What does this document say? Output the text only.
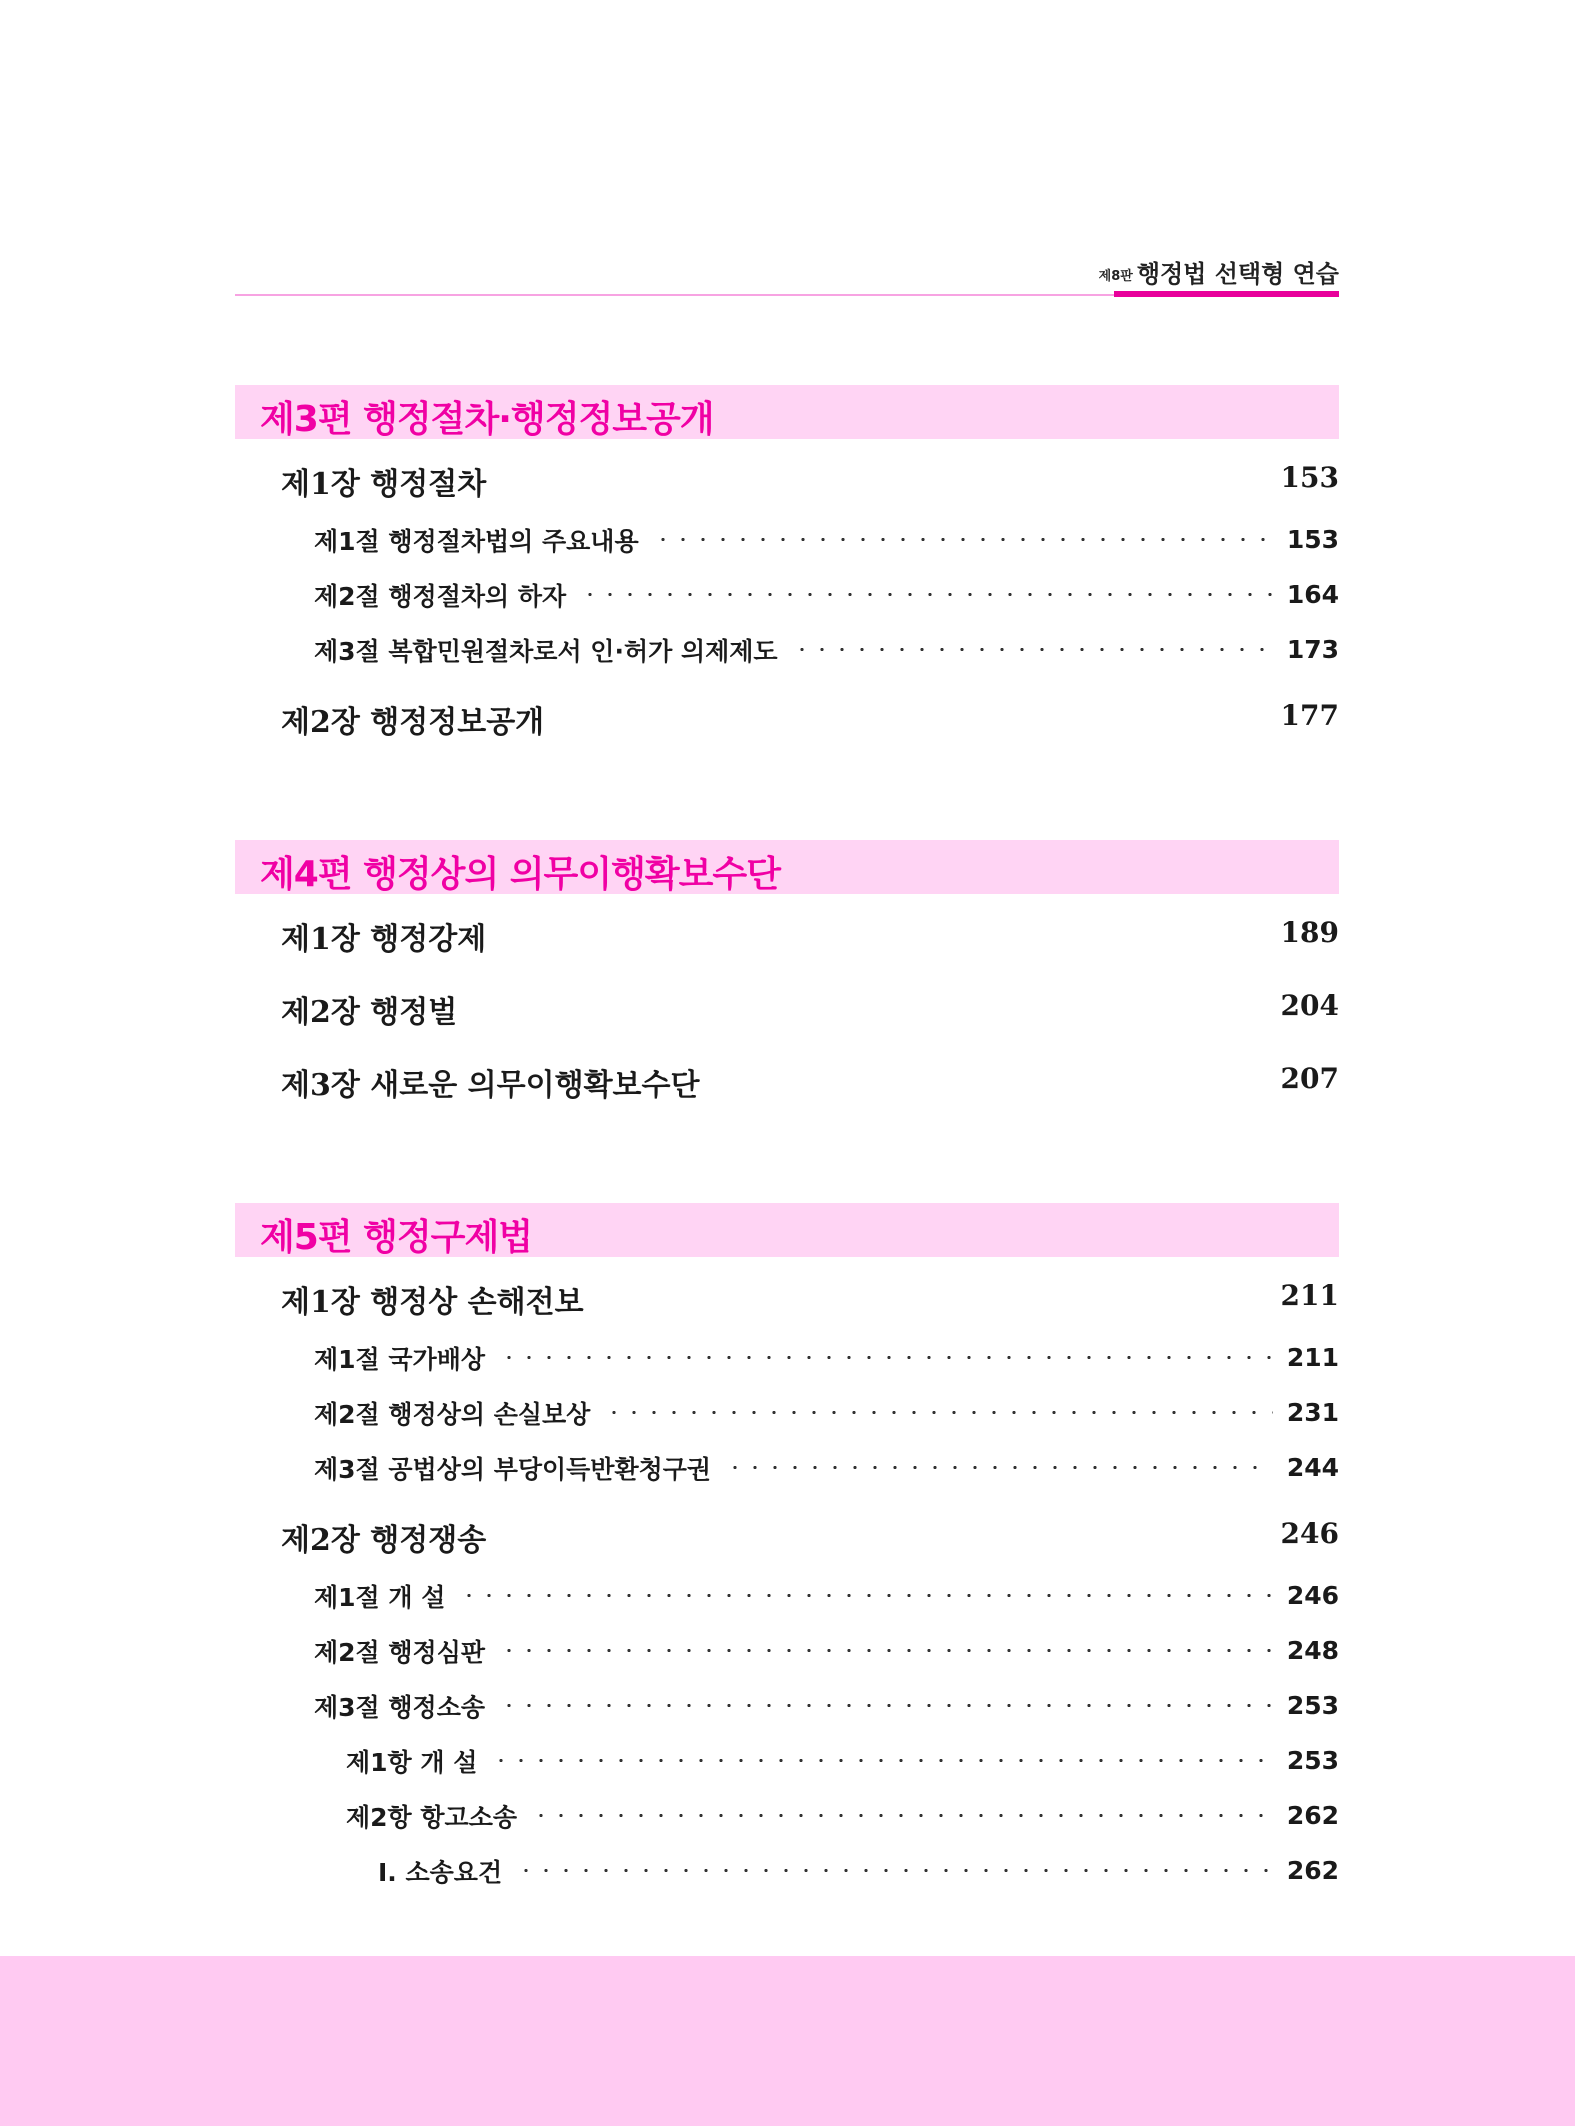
제8판 행정법 선택형 연습
제3편 행정절차·행정정보공개
제1장 행정절차	153
제1절 행정절차법의 주요내용	153
제2절 행정절차의 하자	164
제3절 복합민원절차로서 인·허가 의제제도	173
제2장 행정정보공개	177
제4편 행정상의 의무이행확보수단
제1장 행정강제	189
제2장 행정벌	204
제3장 새로운 의무이행확보수단	207
제5편 행정구제법
제1장 행정상 손해전보	211
제1절 국가배상	211
제2절 행정상의 손실보상	231
제3절 공법상의 부당이득반환청구권	244
제2장 행정쟁송	246
제1절 개 설	246
제2절 행정심판	248
제3절 행정소송	253
제1항 개 설	253
제2항 항고소송	262
Ⅰ. 소송요건	262
